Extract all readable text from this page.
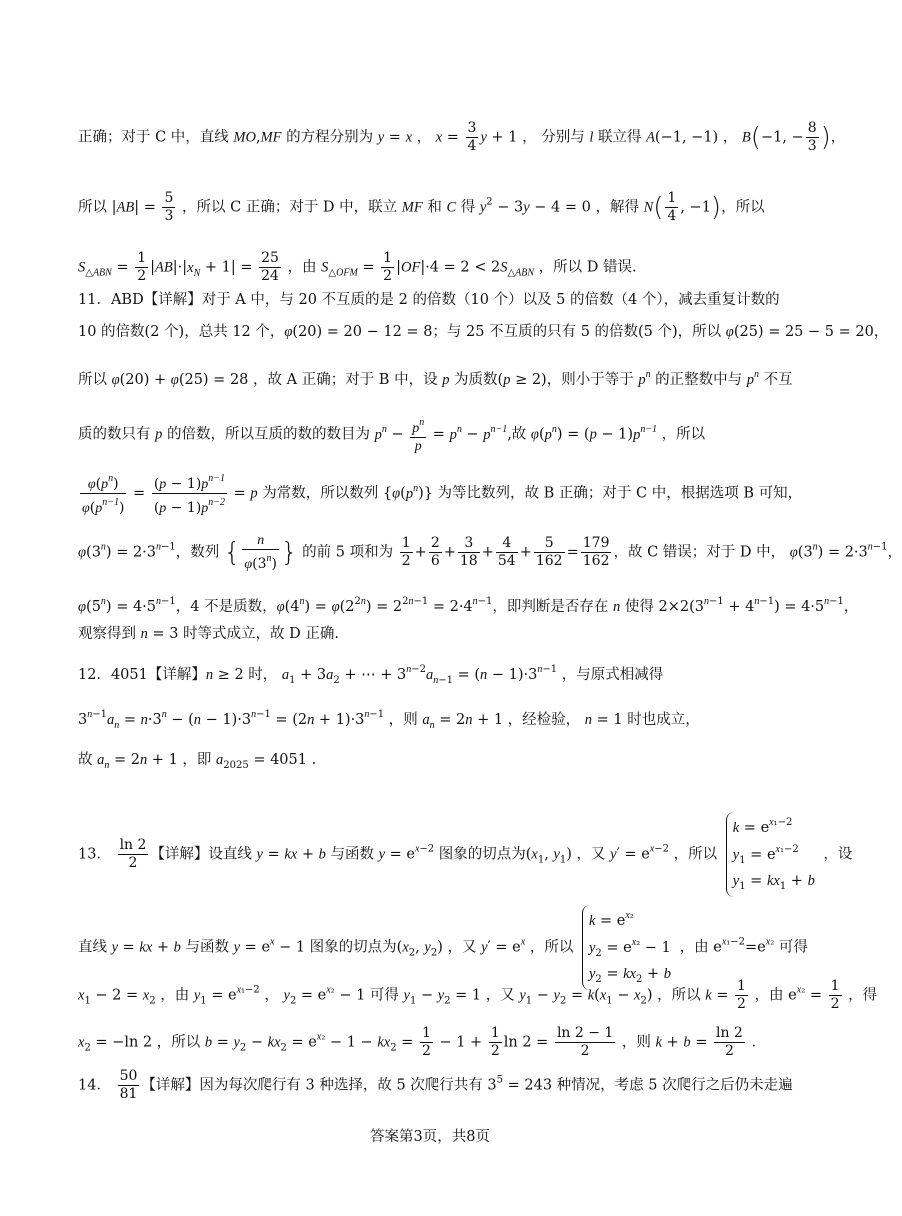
正确；对于 C 中，直线 MO,MF 的方程分别为 y = x ， $x = \frac{3}{4}$ y + 1 ， 分别与 l 联立得 A(−1, −1) ， B(−1, − $\frac{8}{3}$ )，
所以 $|AB| = \frac{5}{3}$ ，所以 C 正确；对于 D 中，联立 MF 和 C 得 $y^2 - 3y - 4 = 0$ ，解得 $N( \frac{1}{4}$ , −1)，所以
$S_{\triangle ABN} = \frac{1}{2} |AB|\cdot|x_N + 1| = \frac{25}{24}$ ，由 $S_{\triangle OFM} = \frac{1}{2} |OF|\cdot 4 = 2 < 2S_{\triangle ABN}$ ，所以 D 错误.
11．ABD【详解】对于 A 中，与 20 不互质的是 2 的倍数（10 个）以及 5 的倍数（4 个），减去重复计数的
10 的倍数(2 个)，总共 12 个，φ(20) = 20 − 12 = 8；与 25 不互质的只有 5 的倍数(5 个)，所以 φ(25) = 25 − 5 = 20，
所以 φ(20) + φ(25) = 28 ，故 A 正确；对于 B 中，设 p 为质数(p ≥ 2)，则小于等于 $p^n$ 的正整数中与 $p^n$ 不互
质的数只有 p 的倍数，所以互质的数的数目为 $p^n - \frac{p^n}{p} = p^n - p^{n-1}$,故 $\varphi(p^n) = (p - 1)p^{n-1}$ ，所以
$\frac{\varphi(p^n)}{\varphi(p^{n-1})} = \frac{(p - 1)p^{n-1}}{(p - 1)p^{n-2}} = p$ 为常数，所以数列 $\{\varphi(p^n)\}$ 为等比数列，故 B 正确；对于 C 中，根据选项 B 可知，
$\varphi(3^n) = 2\cdot 3^{n-1}$，数列 { $\frac{n}{\varphi(3^n)}$ } 的前 5 项和为 $\frac{1}{2} + \frac{2}{6} + \frac{3}{18} + \frac{4}{54} + \frac{5}{162} = \frac{179}{162}$ ，故 C 错误；对于 D 中， $\varphi(3^n) = 2\cdot 3^{n-1}$，
$\varphi(5^n) = 4\cdot 5^{n-1}$，4 不是质数，$\varphi(4^n) = \varphi(2^{2n}) = 2^{2n-1} = 2\cdot 4^{n-1}$，即判断是否存在 n 使得 $2\times 2(3^{n-1} + 4^{n-1}) = 4\cdot 5^{n-1}$，
观察得到 n = 3 时等式成立，故 D 正确.
12．4051【详解】n ≥ 2 时， $a_1 + 3a_2$ + ⋯ + $3^{n-2}a_{n-1} = (n - 1)\cdot 3^{n-1}$ ，与原式相减得
$3^{n-1}a_n = n\cdot 3^n - (n - 1)\cdot 3^{n-1} = (2n + 1)\cdot 3^{n-1}$ ，则 $a_n = 2n + 1$ ，经检验， n = 1 时也成立，
故 $a_n = 2n + 1$ ，即 $a_{2025} = 4051$ .
13． $\frac{\ln 2}{2}$ 【详解】设直线 y = kx + b 与函数 $y = e^{x-2}$ 图象的切点为($x_1$, $y_1$) ，又 $y' = e^{x-2}$ ，所以
$k = e^{x_1-2}$
$y_1 = e^{x_1-2}$
$y_1 = kx_1 + b$
，设
直线 y = kx + b 与函数 $y = e^x - 1$ 图象的切点为($x_2$, $y_2$) ，又 $y' = e^x$ ，所以
$k = e^{x_2}$
$y_2 = e^{x_2} - 1$
$y_2 = kx_2 + b$
，由 $e^{x_1-2}=e^{x_2}$ 可得
$x_1 - 2 = x_2$ ，由 $y_1 = e^{x_1-2}$ ， $y_2 = e^{x_2} - 1$ 可得 $y_1 - y_2 = 1$ ，又 $y_1 - y_2 = k(x_1 - x_2)$ ，所以 $k = \frac{1}{2}$ ，由 $e^{x_2} = \frac{1}{2}$ ，得
$x_2 = -\ln$ 2 ，所以 $b = y_2 - kx_2 = e^{x_2} - 1 - kx_2 = \frac{1}{2} - 1 + \frac{1}{2}$ $\ln 2 = \frac{\ln 2 - 1}{2}$ ，则 $k + b = \frac{\ln 2}{2}$ .
14． $\frac{50}{81}$ 【详解】因为每次爬行有 3 种选择，故 5 次爬行共有 $3^5 = 243$ 种情况，考虑 5 次爬行之后仍未走遍
答案第3页，共8页
